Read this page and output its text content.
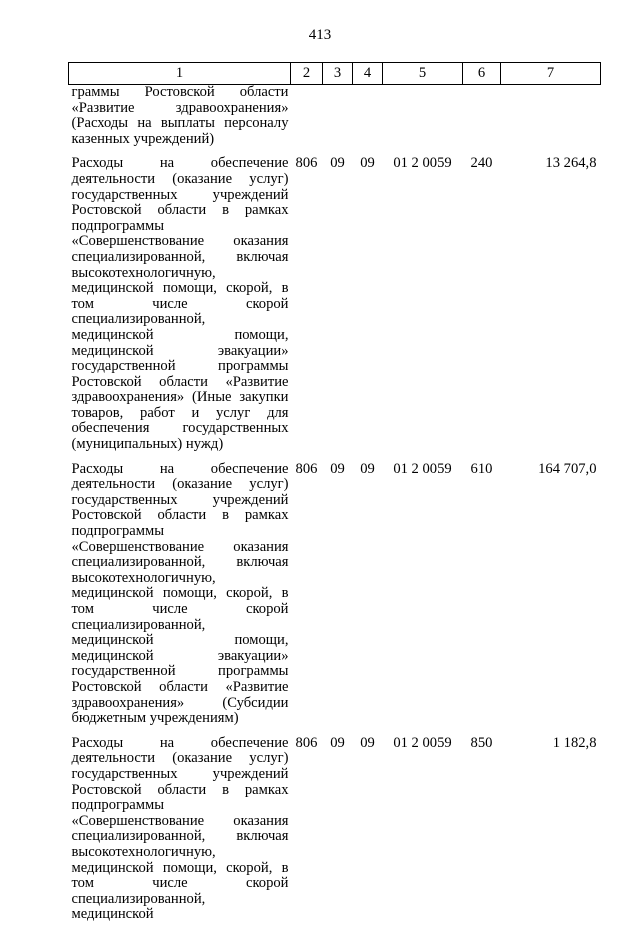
413
1	2	3	4	5	6	7
граммы Ростовской области «Развитие здравоохранения» (Расходы на выплаты персоналу казенных учреждений)						
Расходы на обеспечение деятельности (оказание услуг) государственных учреждений Ростовской области в рамках подпрограммы «Совершенствование оказания специализированной, включая высокотехнологичную, медицинской помощи, скорой, в том числе скорой специализированной, медицинской помощи, медицинской эвакуации» государственной программы Ростовской области «Развитие здравоохранения» (Иные закупки товаров, работ и услуг для обеспечения государственных (муниципальных) нужд)	806	09	09	01 2 0059	240	13 264,8
Расходы на обеспечение деятельности (оказание услуг) государственных учреждений Ростовской области в рамках подпрограммы «Совершенствование оказания специализированной, включая высокотехнологичную, медицинской помощи, скорой, в том числе скорой специализированной, медицинской помощи, медицинской эвакуации» государственной программы Ростовской области «Развитие здравоохранения» (Субсидии бюджетным учреждениям)	806	09	09	01 2 0059	610	164 707,0
Расходы на обеспечение деятельности (оказание услуг) государственных учреждений Ростовской области в рамках подпрограммы «Совершенствование оказания специализированной, включая высокотехнологичную, медицинской помощи, скорой, в том числе скорой специализированной, медицинской	806	09	09	01 2 0059	850	1 182,8
